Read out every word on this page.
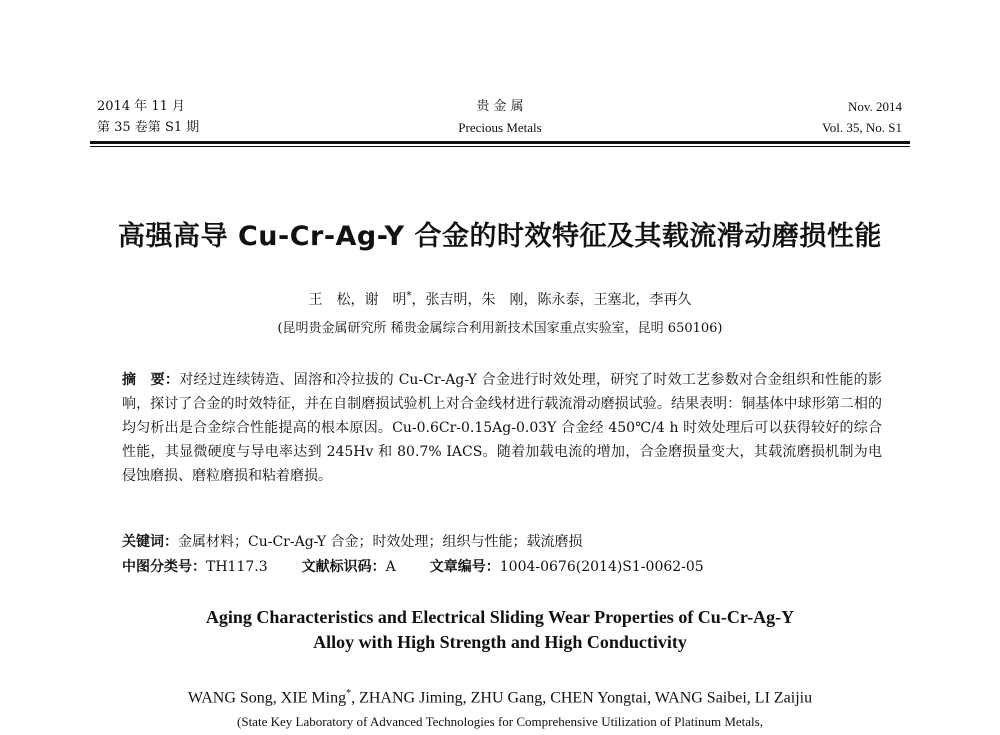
2014 年 11 月
第 35 卷第 S1 期
贵 金 属
Precious Metals
Nov. 2014
Vol. 35, No. S1
高强高导 Cu-Cr-Ag-Y 合金的时效特征及其载流滑动磨损性能
王　松，谢　明*，张吉明，朱　刚，陈永泰，王塞北，李再久
(昆明贵金属研究所 稀贵金属综合利用新技术国家重点实验室，昆明 650106)
摘　要：对经过连续铸造、固溶和冷拉拔的 Cu-Cr-Ag-Y 合金进行时效处理，研究了时效工艺参数对合金组织和性能的影响，探讨了合金的时效特征，并在自制磨损试验机上对合金线材进行载流滑动磨损试验。结果表明：铜基体中球形第二相的均匀析出是合金综合性能提高的根本原因。Cu-0.6Cr-0.15Ag-0.03Y 合金经 450℃/4 h 时效处理后可以获得较好的综合性能，其显微硬度与导电率达到 245Hv 和 80.7% IACS。随着加载电流的增加，合金磨损量变大，其载流磨损机制为电侵蚀磨损、磨粒磨损和粘着磨损。
关键词：金属材料；Cu-Cr-Ag-Y 合金；时效处理；组织与性能；载流磨损
中图分类号：TH117.3 文献标识码：A 文章编号：1004-0676(2014)S1-0062-05
Aging Characteristics and Electrical Sliding Wear Properties of Cu-Cr-Ag-Y
Alloy with High Strength and High Conductivity
WANG Song, XIE Ming*, ZHANG Jiming, ZHU Gang, CHEN Yongtai, WANG Saibei, LI Zaijiu
(State Key Laboratory of Advanced Technologies for Comprehensive Utilization of Platinum Metals,
